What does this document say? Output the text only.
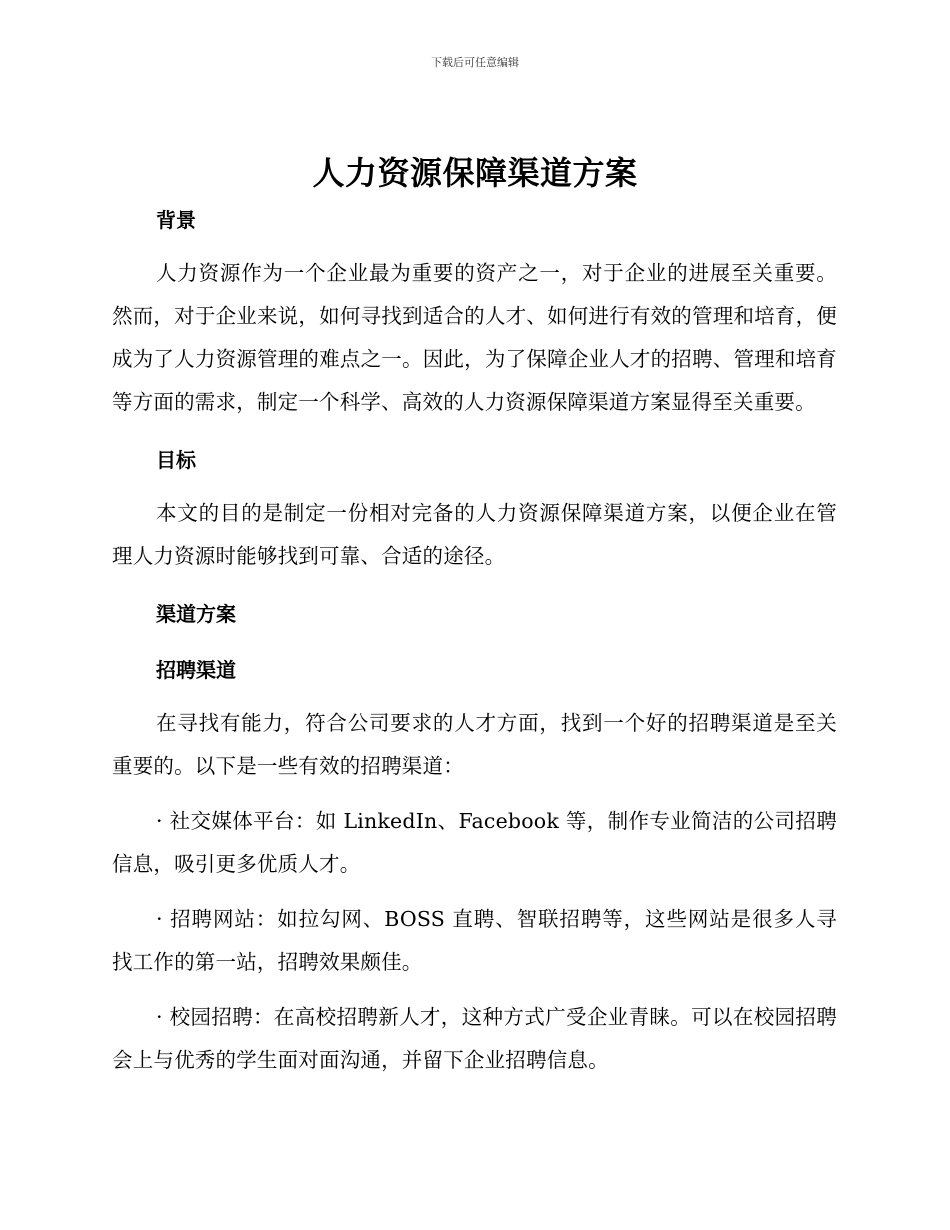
下载后可任意编辑
人力资源保障渠道方案
背景

人力资源作为一个企业最为重要的资产之一，对于企业的进展至关重要。然而，对于企业来说，如何寻找到适合的人才、如何进行有效的管理和培育，便成为了人力资源管理的难点之一。因此，为了保障企业人才的招聘、管理和培育等方面的需求，制定一个科学、高效的人力资源保障渠道方案显得至关重要。

目标

本文的目的是制定一份相对完备的人力资源保障渠道方案，以便企业在管理人力资源时能够找到可靠、合适的途径。

渠道方案
招聘渠道

在寻找有能力，符合公司要求的人才方面，找到一个好的招聘渠道是至关重要的。以下是一些有效的招聘渠道：

· 社交媒体平台：如 LinkedIn、Facebook 等，制作专业简洁的公司招聘信息，吸引更多优质人才。

· 招聘网站：如拉勾网、BOSS 直聘、智联招聘等，这些网站是很多人寻找工作的第一站，招聘效果颇佳。

· 校园招聘：在高校招聘新人才，这种方式广受企业青睐。可以在校园招聘会上与优秀的学生面对面沟通，并留下企业招聘信息。
